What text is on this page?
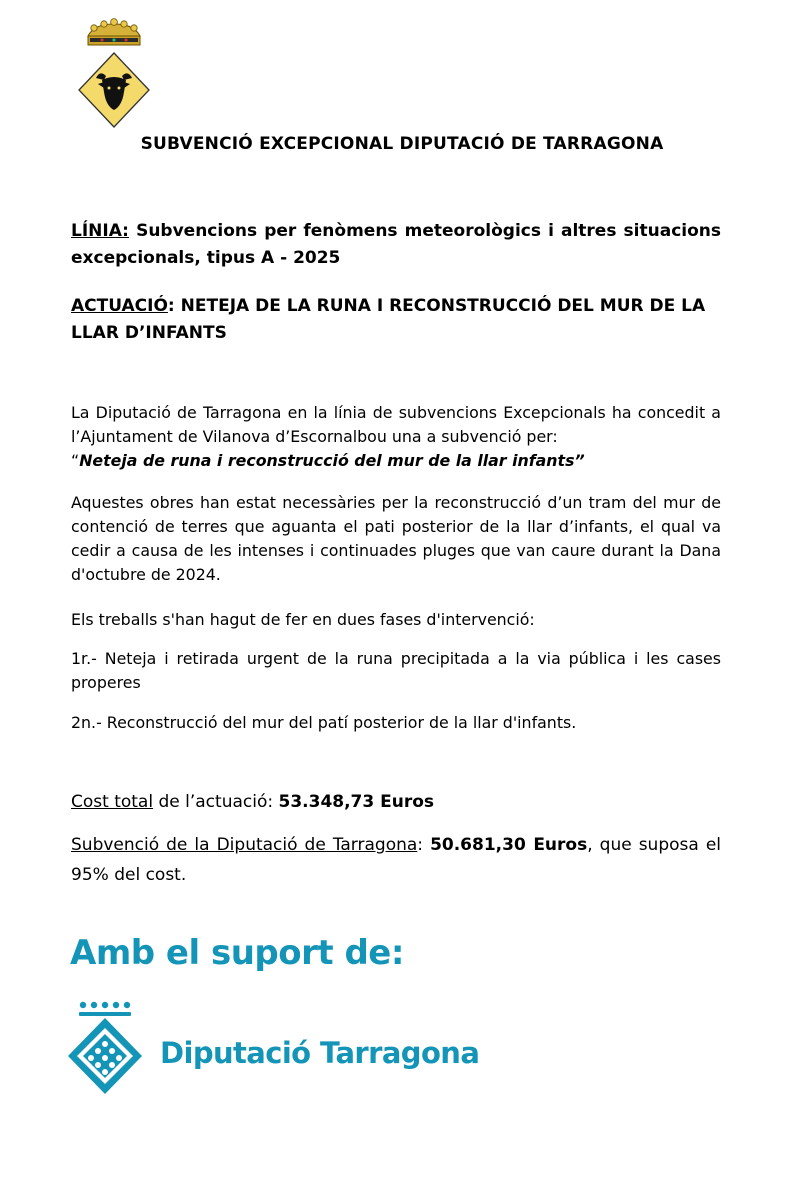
SUBVENCIÓ EXCEPCIONAL DIPUTACIÓ DE TARRAGONA
LÍNIA: Subvencions per fenòmens meteorològics i altres situacions excepcionals, tipus A - 2025
ACTUACIÓ: NETEJA DE LA RUNA I RECONSTRUCCIÓ DEL MUR DE LA LLAR D’INFANTS
La Diputació de Tarragona en la línia de subvencions Excepcionals ha concedit a l’Ajuntament de Vilanova d’Escornalbou una a subvenció per:
“Neteja de runa i reconstrucció del mur de la llar infants”
Aquestes obres han estat necessàries per la reconstrucció d’un tram del mur de contenció de terres que aguanta el pati posterior de la llar d’infants, el qual va cedir a causa de les intenses i continuades pluges que van caure durant la Dana d'octubre de 2024.
Els treballs s'han hagut de fer en dues fases d'intervenció:
1r.- Neteja i retirada urgent de la runa precipitada a la via pública i les cases properes
2n.- Reconstrucció del mur del patí posterior de la llar d'infants.
Cost total de l’actuació: 53.348,73 Euros
Subvenció de la Diputació de Tarragona: 50.681,30 Euros, que suposa el 95% del cost.
Amb el suport de:
Diputació Tarragona
